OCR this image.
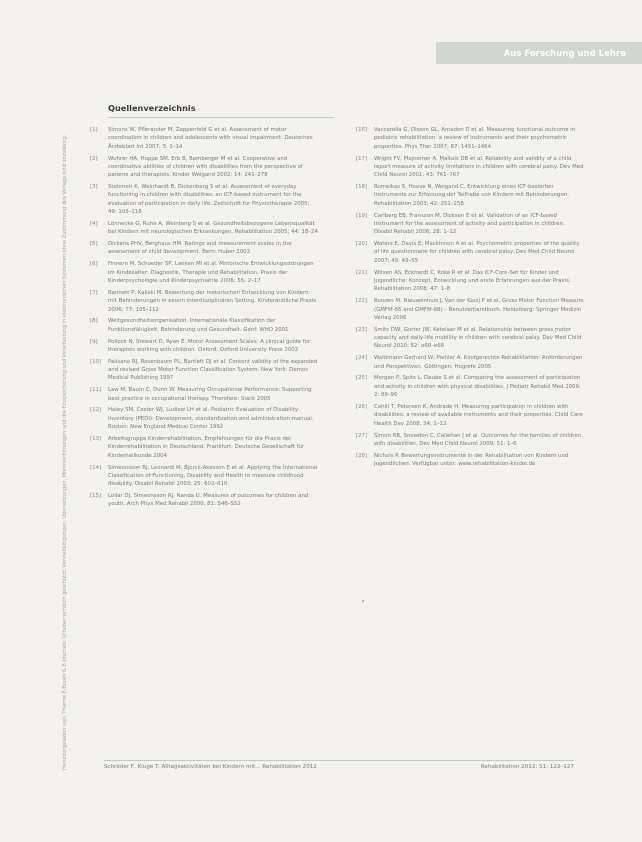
Aus Forschung und Lehre
Heruntergeladen von: Thieme E-Books & E-Journals. Urheberrechtlich geschützt. Vervielfältigungen, Übersetzungen, Mikroverfilmungen und die Einspeicherung und Verarbeitung in elektronischen Systemen ohne Zustimmung des Verlags sind unzulässig.
Quellenverzeichnis
[1]	Simons W, Pflerander M, Zeppenfeld G et al. Assessment of motor coordination in children and adolescents with visual impairment. Deutsches Ärzteblatt Int 2007; 3: 1–14
[2]	Wuhrer HA, Hoppe SM. Erb B, Bamberger M et al. Cooperative and coordinative abilities of children with disabilities from the perspective of parents and therapists. Kinder Weigand 2002; 14: 241–278
[3]	Stohmeir K, Weinhardt B, Dickenberg S et al. Assessment of everyday functioning in children with disabilities: an ICF-based instrument for the evaluation of participation in daily life. Zeitschrift für Physiotherapie 2005; 49: 103–118
[4]	Lönnecke G, Ruhe A, Weinberg S et al. Gesundheitsbezogene Lebensqualität bei Kindern mit neurologischen Erkrankungen. Rehabilitation 2005; 44: 18–24
[5]	Dickens PHV, Berghaus HM. Ratings and measurement scales in the assessment of child development. Bern: Huber 2003
[6]	Finnern M, Schoeder SP, Lanken MI et al. Motorische Entwicklungsstörungen im Kindesalter: Diagnostik, Therapie und Rehabilitation. Praxis der Kinderpsychologie und Kinderpsychiatrie 2006; 55: 2–17
[7]	Bennett P, Kaliski M. Bewertung der motorischen Entwicklung von Kindern mit Behinderungen in einem interdisziplinären Setting. Kinderärztliche Praxis 2006; 77: 105–112
[8]	Weltgesundheitsorganisation. Internationale Klassifikation der Funktionsfähigkeit, Behinderung und Gesundheit. Genf: WHO 2001
[9]	Pollock N, Stewart D, Ryan E. Motor Assessment Scales: A clinical guide for therapists working with children. Oxford: Oxford University Press 2002
[10]	Palisano RJ, Rosenbaum PL, Bartlett DJ et al. Content validity of the expanded and revised Gross Motor Function Classification System. New York: Demos Medical Publishing 1997
[11]	Law M, Baum C, Dunn W. Measuring Occupational Performance: Supporting best practice in occupational therapy. Thorofare: Slack 2005
[12]	Haley SM, Coster WJ, Ludlow LH et al. Pediatric Evaluation of Disability Inventory (PEDI): Development, standardization and administration manual. Boston: New England Medical Center 1992
[13]	Arbeitsgruppe Kinderrehabilitation. Empfehlungen für die Praxis der Kinderrehabilitation in Deutschland. Frankfurt: Deutsche Gesellschaft für Kinderheilkunde 2004
[14]	Simeonsson RJ, Leonardi M, Bjorck-Akesson E et al. Applying the International Classification of Functioning, Disability and Health to measure childhood disability. Disabil Rehabil 2003; 25: 602–610
[15]	Lollar DJ, Simeonsson RJ, Nanda U. Measures of outcomes for children and youth. Arch Phys Med Rehabil 2000; 81: S46–S52
[16]	Vaccarella G, Olsson GL, Amadon D et al. Measuring functional outcome in pediatric rehabilitation: a review of instruments and their psychometric properties. Phys Ther 2007; 87: 1451–1464
[17]	Wright FV, Majnemer A, Maltais DB et al. Reliability and validity of a child report measure of activity limitations in children with cerebral palsy. Dev Med Child Neurol 2001; 43: 761–767
[18]	Romeikas S, Hoeve N, Weigand C. Entwicklung eines ICF-basierten Instruments zur Erfassung der Teilhabe von Kindern mit Behinderungen. Rehabilitation 2003; 42: 251–258
[19]	Carlberg EB, Fransson M, Dicksen E et al. Validation of an ICF-based instrument for the assessment of activity and participation in children. Disabil Rehabil 2006; 28: 1–12
[20]	Waters E, Davis E, Mackinnon A et al. Psychometric properties of the quality of life questionnaire for children with cerebral palsy. Dev Med Child Neurol 2007; 49: 49–55
[21]	Witsen AS, Eckhardt C, Koke R et al. Das ICF-Core-Set für Kinder und Jugendliche: Konzept, Entwicklung und erste Erfahrungen aus der Praxis. Rehabilitation 2008; 47: 1–8
[22]	Roozen M, Nieuwenhuis J, Van der Kooij P et al. Gross Motor Function Measure (GMFM-66 and GMFM-88) – Benutzerhandbuch. Heidelberg: Springer Medizin Verlag 2006
[23]	Smits DW, Gorter JW, Ketelaar M et al. Relationship between gross motor capacity and daily-life mobility in children with cerebral palsy. Dev Med Child Neurol 2010; 52: e60–e66
[24]	Waldmann Gerhard W, Piehler A. Kindgerechte Rehabilitation: Anforderungen und Perspektiven. Göttingen: Hogrefe 2005
[25]	Morgan P, Spits L, Daube S et al. Comparing the assessment of participation and activity in children with physical disabilities. J Pediatr Rehabil Med 2009; 2: 89–96
[26]	Cahill T, Petersen K, Andrade H. Measuring participation in children with disabilities: a review of available instruments and their properties. Child Care Health Dev 2008; 34: 1–12
[27]	Simon RB, Snowdon C, Callehan J et al. Outcomes for the families of children with disabilities. Dev Med Child Neurol 2009; 51: 1–6
[28]	Nichols P. Bewertungsinstrumente in der Rehabilitation von Kindern und Jugendlichen. Verfügbar unter: www.rehabilitation-kinder.de
Schröder F, Kluge T. Alltagsaktivitäten bei Kindern mit... Rehabilitation 2012	Rehabilitation 2012; 51: 122–127
